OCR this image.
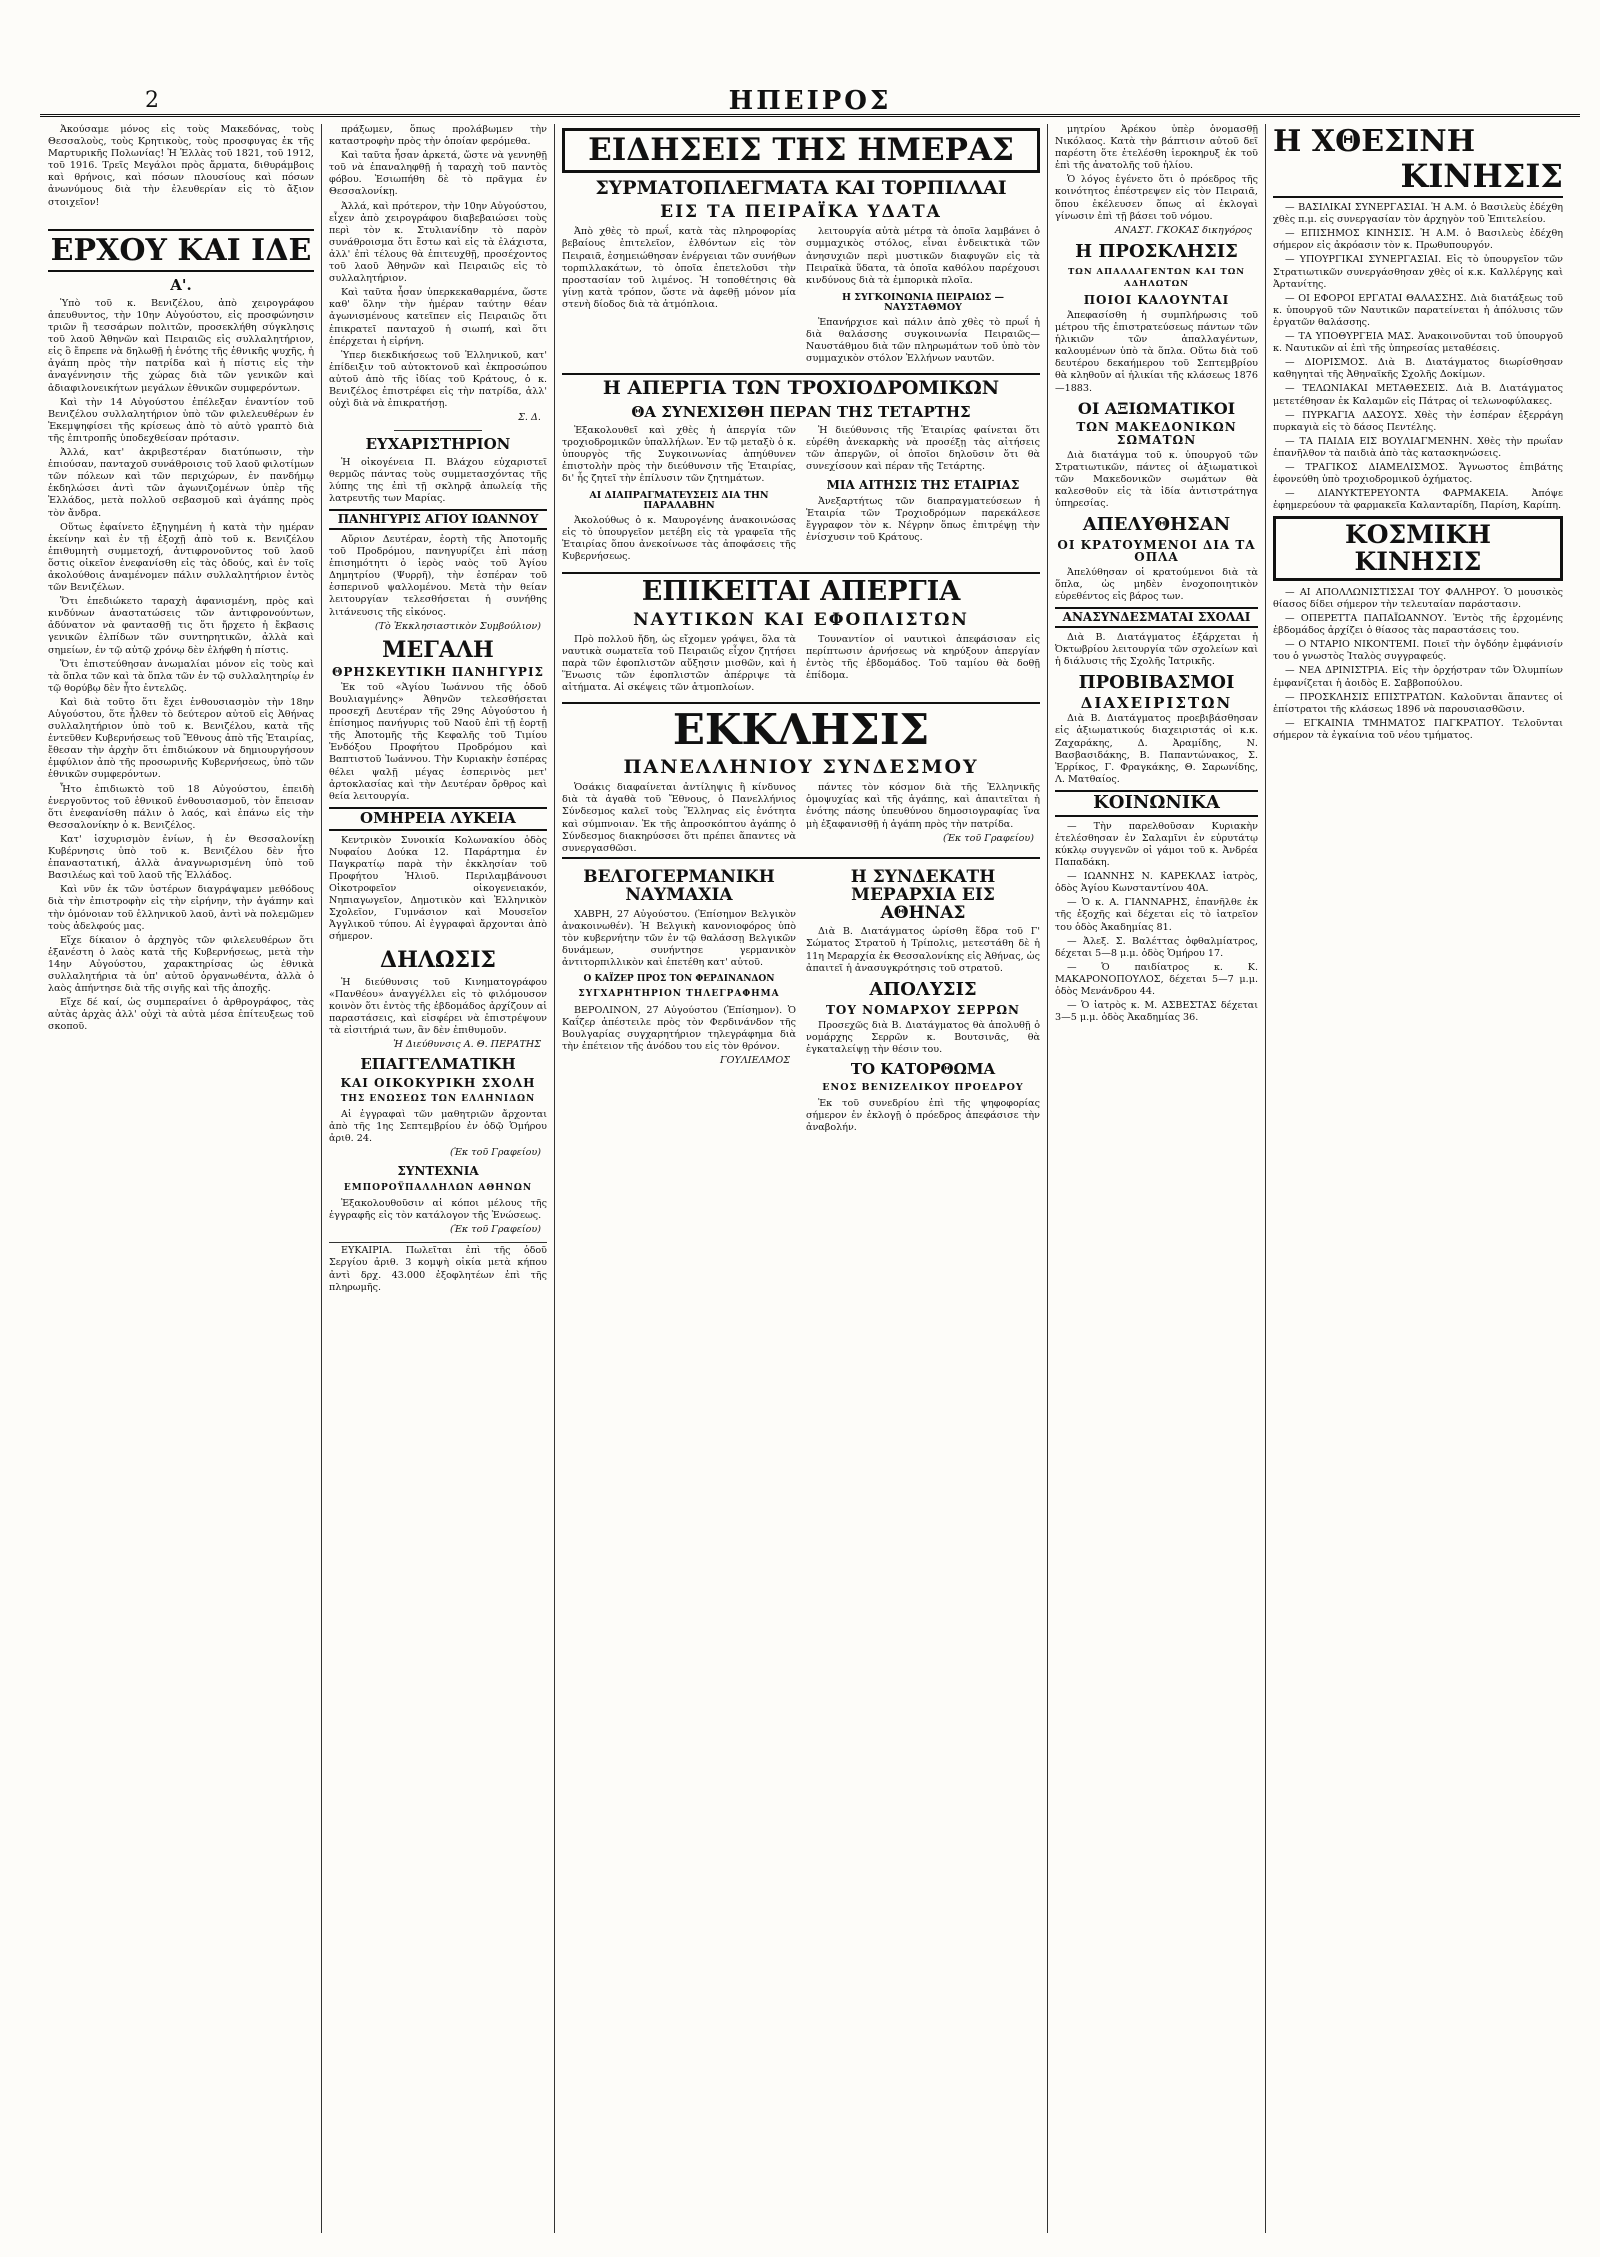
2	ΗΠΕΙΡΟΣ

Ἀκούσαμε μόνος εἰς τοὺς Μακεδόνας, τοὺς Θεσσαλοὺς, τοὺς Κρητικοὺς, τοὺς προσφυγας ἐκ τῆς Μαρτυρικῆς Πολωνίας! Ἡ Ἑλλὰς τοῦ 1821, τοῦ 1912, τοῦ 1916. Τρεῖς Μεγάλοι πρὸς ἄρματα, διθυράμβοις καὶ θρήνοις, καὶ πόσων πλουσίους καὶ πόσων ἀνωνύμους διὰ τὴν ἐλευθερίαν εἰς τὸ ἄξιον στοιχεῖον!

ΕΡΧΟΥ ΚΑΙ ΙΔΕ
Α'.

Ὑπὸ τοῦ κ. Βενιζέλου, ἀπὸ χειρογράφου ἀπευθυντος, τὴν 10ην Αὐγούστου, εἰς προσφώνησιν τριῶν ἢ τεσσάρων πολιτῶν, προσεκλήθη σύγκλησις τοῦ λαοῦ Ἀθηνῶν καὶ Πειραιῶς εἰς συλλαλητήριον, εἰς ὃ ἔπρεπε νὰ δηλωθῇ ἡ ἑνότης τῆς ἐθνικῆς ψυχῆς, ἡ ἀγάπη πρὸς τὴν πατρίδα καὶ ἡ πίστις εἰς τὴν ἀναγέννησιν τῆς χώρας διὰ τῶν γενικῶν καὶ ἀδιαφιλονεικήτων μεγάλων ἐθνικῶν συμφερόντων.

Καὶ τὴν 14 Αὐγούστου ἐπέλεξαν ἐναντίον τοῦ Βενιζέλου συλλαλητήριον ὑπὸ τῶν φιλελευθέρων ἐν Ἐκεμψηφίσει τῆς κρίσεως ἀπὸ τὸ αὐτὸ γραπτὸ διὰ τῆς ἐπιτροπῆς ὑποδεχθείσαν πρότασιν.

Ἀλλά, κατ' ἀκριβεστέραν διατύπωσιν, τὴν ἐπιούσαν, πανταχοῦ συνάθροισις τοῦ λαοῦ φιλοτίμων τῶν πόλεων καὶ τῶν περιχώρων, ἐν πανδήμῳ ἐκδηλώσει ἀντὶ τῶν ἀγωνιζομένων ὑπὲρ τῆς Ἑλλάδος, μετὰ πολλοῦ σεβασμοῦ καὶ ἀγάπης πρὸς τὸν ἄνδρα.

Οὕτως ἐφαίνετο ἐξηγημένη ἡ κατὰ τὴν ημέραν ἐκείνην καὶ ἐν τῇ ἐξοχῇ ἀπὸ τοῦ κ. Βενιζέλου ἐπιθυμητὴ συμμετοχή, ἀντιφρονοῦντος τοῦ λαοῦ ὅστις οἰκεῖον ἐνεφανίσθη εἰς τὰς ὁδούς, καὶ ἐν τοῖς ἀκολούθοις ἀναμένομεν πάλιν συλλαλητήριον ἐντὸς τῶν Βενιζέλων.

Ὅτι ἐπεδιώκετο ταραχὴ ἀφανισμένη, πρὸς καὶ κινδύνων ἀναστατώσεις τῶν ἀντιφρονούντων, ἀδύνατον νὰ φαντασθῇ τις ὅτι ἤρχετο ἡ ἔκβασις γενικῶν ἐλπίδων τῶν συντηρητικῶν, ἀλλὰ καὶ σημείων, ἐν τῷ αὐτῷ χρόνῳ δὲν ἐλήφθη ἡ πίστις.

Ὅτι ἐπιστεύθησαν ἀνωμαλίαι μόνον εἰς τοὺς καὶ τὰ ὅπλα τῶν καὶ τὰ ὅπλα τῶν ἐν τῷ συλλαλητηρίῳ ἐν τῷ θορύβῳ δὲν ἦτο ἐντελῶς.

Καὶ διὰ τοῦτο ὅτι ἔχει ἐνθουσιασμὸν τὴν 18ην Αὐγούστου, ὅτε ἦλθεν τὸ δεύτερον αὐτοῦ εἰς Ἀθήνας συλλαλητήριον ὑπὸ τοῦ κ. Βενιζέλου, κατὰ τῆς ἐντεῦθεν Κυβερνήσεως τοῦ Ἔθνους ἀπὸ τῆς Ἑταιρίας, ἔθεσαν τὴν ἀρχὴν ὅτι ἐπιδιώκουν νὰ δημιουργήσουν ἐμφύλιον ἀπὸ τῆς προσωρινῆς Κυβερνήσεως, ὑπὸ τῶν ἐθνικῶν συμφερόντων.

Ἦτο ἐπιδιωκτὸ τοῦ 18 Αὐγούστου, ἐπειδὴ ἐνεργοῦντος τοῦ ἐθνικοῦ ἐνθουσιασμοῦ, τὸν ἔπεισαν ὅτι ἐνεφανίσθη πάλιν ὁ λαός, καὶ ἐπάνω εἰς τὴν Θεσσαλονίκην ὁ κ. Βενιζέλος.

Κατ' ἰσχυρισμὸν ἐνίων, ἡ ἐν Θεσσαλονίκῃ Κυβέρνησις ὑπὸ τοῦ κ. Βενιζέλου δὲν ἦτο ἐπαναστατική, ἀλλὰ ἀναγνωρισμένη ὑπὸ τοῦ Βασιλέως καὶ τοῦ λαοῦ τῆς Ἑλλάδος.

Καὶ νῦν ἐκ τῶν ὑστέρων διαγράψαμεν μεθόδους διὰ τὴν ἐπιστροφὴν εἰς τὴν εἰρήνην, τὴν ἀγάπην καὶ τὴν ὁμόνοιαν τοῦ ἑλληνικοῦ λαοῦ, ἀντὶ νὰ πολεμῶμεν τοὺς ἀδελφούς μας.

Εἴχε δίκαιον ὁ ἀρχηγὸς τῶν φιλελευθέρων ὅτι ἐξανέστη ὁ λαὸς κατὰ τῆς Κυβερνήσεως, μετὰ τὴν 14ην Αὐγούστου, χαρακτηρίσας ὡς ἐθνικὰ συλλαλητήρια τὰ ὑπ' αὐτοῦ ὀργανωθέντα, ἀλλὰ ὁ λαὸς ἀπήντησε διὰ τῆς σιγῆς καὶ τῆς ἀποχῆς.

Εἴχε δέ καί, ὡς συμπεραίνει ὁ ἀρθρογράφος, τὰς αὐτὰς ἀρχὰς ἀλλ' οὐχὶ τὰ αὐτὰ μέσα ἐπίτευξεως τοῦ σκοποῦ.

πράξωμεν, ὅπως προλάβωμεν τὴν καταστροφὴν πρὸς τὴν ὁποίαν φερόμεθα.

Καὶ ταῦτα ἦσαν ἀρκετά, ὥστε νὰ γεννηθῇ τοῦ νὰ ἐπαναληφθῇ ἡ ταραχὴ τοῦ παντὸς φόβου. Ἐσιωπήθη δὲ τὸ πρᾶγμα ἐν Θεσσαλονίκῃ.

Ἀλλά, καὶ πρότερον, τὴν 10ην Αὐγούστου, εἶχεν ἀπὸ χειρογράφου διαβεβαιώσει τοὺς περὶ τὸν κ. Στυλιανίδην τὸ παρὸν συνάθροισμα ὅτι ἔστω καὶ εἰς τὰ ἐλάχιστα, ἀλλ' ἐπὶ τέλους θὰ ἐπιτευχθῇ, προσέχοντος τοῦ λαοῦ Ἀθηνῶν καὶ Πειραιῶς εἰς τὸ συλλαλητήριον.

Καὶ ταῦτα ἦσαν ὑπερκεκαθαρμένα, ὥστε καθ' ὅλην τὴν ἡμέραν ταύτην θέαν ἀγωνισμένους κατεῖπεν εἰς Πειραιῶς ὅτι ἐπικρατεῖ πανταχοῦ ἡ σιωπή, καὶ ὅτι ἐπέρχεται ἡ εἰρήνη.

Ὑπερ διεκδικήσεως τοῦ Ἑλληνικοῦ, κατ' ἐπίδειξιν τοῦ αὐτοκτονοῦ καὶ ἐκπροσώπου αὐτοῦ ἀπὸ τῆς ἰδίας τοῦ Κράτους, ὁ κ. Βενιζέλος ἐπιστρέφει εἰς τὴν πατρίδα, ἀλλ' οὐχὶ διὰ νὰ ἐπικρατήσῃ.

Σ. Δ.
ΕΥΧΑΡΙΣΤΗΡΙΟΝ

Ἡ οἰκογένεια Π. Βλάχου εὐχαριστεῖ θερμῶς πάντας τοὺς συμμετασχόντας τῆς λύπης της ἐπὶ τῇ σκληρᾷ ἀπωλείᾳ τῆς λατρευτῆς των Μαρίας.

ΠΑΝΗΓΥΡΙΣ ΑΓΙΟΥ ΙΩΑΝΝΟΥ

Αὔριον Δευτέραν, ἑορτὴ τῆς Ἀποτομῆς τοῦ Προδρόμου, πανηγυρίζει ἐπὶ πάσῃ ἐπισημότητι ὁ ἱερὸς ναὸς τοῦ Ἁγίου Δημητρίου (Ψυρρῆ), τὴν ἑσπέραν τοῦ ἑσπερινοῦ ψαλλομένου. Μετὰ τὴν θείαν λειτουργίαν τελεσθήσεται ἡ συνήθης λιτάνευσις τῆς εἰκόνος.

(Τὸ Ἐκκλησιαστικὸν Συμβούλιον)
ΜΕΓΑΛΗ
ΘΡΗΣΚΕΥΤΙΚΗ ΠΑΝΗΓΥΡΙΣ

Ἐκ τοῦ «Ἁγίου Ἰωάννου τῆς ὁδοῦ Βουλιαγμένης» Ἀθηνῶν τελεσθήσεται προσεχῆ Δευτέραν τῆς 29ης Αὐγούστου ἡ ἐπίσημος πανήγυρις τοῦ Ναοῦ ἐπὶ τῇ ἐορτῇ τῆς Ἀποτομῆς τῆς Κεφαλῆς τοῦ Τιμίου Ἐνδόξου Προφήτου Προδρόμου καὶ Βαπτιστοῦ Ἰωάννου. Τὴν Κυριακὴν ἑσπέρας θέλει ψαλῇ μέγας ἑσπερινὸς μετ' ἀρτοκλασίας καὶ τὴν Δευτέραν ὄρθρος καὶ θεία λειτουργία.

ΟΜΗΡΕΙΑ ΛΥΚΕΙΑ

Κεντρικὸν Συνοικία Κολωνακίου ὁδὸς Νυφαίου Δούκα 12. Παράρτημα ἐν Παγκρατίῳ παρὰ τὴν ἐκκλησίαν τοῦ Προφήτου Ἠλιοῦ. Περιλαμβάνουσι Οἰκοτροφεῖον οἰκογενειακόν, Νηπιαγωγεῖον, Δημοτικὸν καὶ Ἑλληνικὸν Σχολεῖον, Γυμνάσιον καὶ Μουσεῖον Ἀγγλικοῦ τύπου. Αἱ ἐγγραφαὶ ἄρχονται ἀπὸ σήμερον.

ΔΗΛΩΣΙΣ

Ἡ διεύθυνσις τοῦ Κινηματογράφου «Πανθέου» ἀναγγέλλει εἰς τὸ φιλόμουσον κοινὸν ὅτι ἐντὸς τῆς ἐβδομάδος ἀρχίζουν αἱ παραστάσεις, καὶ εἰσφέρει νὰ ἐπιστρέψουν τὰ εἰσιτήριά των, ἂν δὲν ἐπιθυμοῦν.

Ἡ Διεύθυνσις Α. Θ. ΠΕΡΑΤΗΣ
ΕΠΑΓΓΕΛΜΑΤΙΚΗ
ΚΑΙ ΟΙΚΟΚΥΡΙΚΗ ΣΧΟΛΗ
ΤΗΣ ΕΝΩΣΕΩΣ ΤΩΝ ΕΛΛΗΝΙΔΩΝ

Αἱ ἐγγραφαὶ τῶν μαθητριῶν ἄρχονται ἀπὸ τῆς 1ης Σεπτεμβρίου ἐν ὁδῷ Ὁμήρου ἀριθ. 24.

(Ἐκ τοῦ Γραφείου)
ΣΥΝΤΕΧΝΙΑ
ΕΜΠΟΡΟΫΠΑΛΛΗΛΩΝ ΑΘΗΝΩΝ

Ἐξακολουθοῦσιν αἱ κόποι μέλους τῆς ἐγγραφῆς εἰς τὸν κατάλογον τῆς Ἑνώσεως.

(Ἐκ τοῦ Γραφείου)

ΕΥΚΑΙΡΙΑ. Πωλεῖται ἐπὶ τῆς ὁδοῦ Σεργίου ἀριθ. 3 κομψὴ οἰκία μετὰ κήπου ἀντὶ δρχ. 43.000 ἐξοφλητέων ἐπὶ τῆς πληρωμῆς.

ΕΙΔΗΣΕΙΣ ΤΗΣ ΗΜΕΡΑΣ
ΣΥΡΜΑΤΟΠΛΕΓΜΑΤΑ ΚΑΙ ΤΟΡΠΙΛΛΑΙ
ΕΙΣ ΤΑ ΠΕΙΡΑΪΚΑ ΥΔΑΤΑ

Ἀπὸ χθὲς τὸ πρωΐ, κατὰ τὰς πληροφορίας βεβαίους ἐπιτελεῖον, ἐλθόντων εἰς τὸν Πειραιᾶ, ἐσημειώθησαν ἐνέργειαι τῶν συνήθων τορπιλλακάτων, τὸ ὁποῖα ἐπετελοῦσι τὴν προστασίαν τοῦ λιμένος. Ἡ τοποθέτησις θὰ γίνῃ κατὰ τρόπον, ὥστε νὰ ἀφεθῇ μόνον μία στενὴ δίοδος διὰ τὰ ἀτμόπλοια.

λειτουργία αὐτὰ μέτρα τὰ ὁποῖα λαμβάνει ὁ συμμαχικὸς στόλος, εἶναι ἐνδεικτικὰ τῶν ἀνησυχιῶν περὶ μυστικῶν διαφυγῶν εἰς τὰ Πειραϊκὰ ὕδατα, τὰ ὁποῖα καθόλου παρέχουσι κινδύνους διὰ τὰ ἐμπορικὰ πλοῖα.

Η ΣΥΓΚΟΙΝΩΝΙΑ ΠΕΙΡΑΙΩΣ — ΝΑΥΣΤΑΘΜΟΥ

Ἐπανήρχισε καὶ πάλιν ἀπὸ χθὲς τὸ πρωΐ ἡ διὰ θαλάσσης συγκοινωνία Πειραιῶς—Ναυστάθμου διὰ τῶν πληρωμάτων τοῦ ὑπὸ τὸν συμμαχικὸν στόλον Ἑλλήνων ναυτῶν.

Η ΑΠΕΡΓΙΑ ΤΩΝ ΤΡΟΧΙΟΔΡΟΜΙΚΩΝ
ΘΑ ΣΥΝΕΧΙΣΘΗ ΠΕΡΑΝ ΤΗΣ ΤΕΤΑΡΤΗΣ

Ἐξακολουθεῖ καὶ χθὲς ἡ ἀπεργία τῶν τροχιοδρομικῶν ὑπαλλήλων. Ἐν τῷ μεταξὺ ὁ κ. ὑπουργὸς τῆς Συγκοινωνίας ἀπηύθυνεν ἐπιστολὴν πρὸς τὴν διεύθυνσιν τῆς Ἑταιρίας, δι' ἧς ζητεῖ τὴν ἐπίλυσιν τῶν ζητημάτων.

ΑΙ ΔΙΑΠΡΑΓΜΑΤΕΥΣΕΙΣ ΔΙΑ ΤΗΝ ΠΑΡΑΛΑΒΗΝ

Ἀκολούθως ὁ κ. Μαυρογένης ἀνακοινώσας εἰς τὸ ὑπουργεῖον μετέβη εἰς τὰ γραφεῖα τῆς Ἑταιρίας ὅπου ἀνεκοίνωσε τὰς ἀποφάσεις τῆς Κυβερνήσεως.

Ἡ διεύθυνσις τῆς Ἑταιρίας φαίνεται ὅτι εὑρέθη ἀνεκαρκὴς νὰ προσέξῃ τὰς αἰτήσεις τῶν ἀπεργῶν, οἱ ὁποῖοι δηλοῦσιν ὅτι θὰ συνεχίσουν καὶ πέραν τῆς Τετάρτης.

ΜΙΑ ΑΙΤΗΣΙΣ ΤΗΣ ΕΤΑΙΡΙΑΣ

Ἀνεξαρτήτως τῶν διαπραγματεύσεων ἡ Ἑταιρία τῶν Τροχιοδρόμων παρεκάλεσε ἔγγραφον τὸν κ. Νέγρην ὅπως ἐπιτρέψῃ τὴν ἐνίσχυσιν τοῦ Κράτους.

ΕΠΙΚΕΙΤΑΙ ΑΠΕΡΓΙΑ
ΝΑΥΤΙΚΩΝ ΚΑΙ ΕΦΟΠΛΙΣΤΩΝ

Πρὸ πολλοῦ ἤδη, ὡς εἴχομεν γράψει, ὅλα τὰ ναυτικὰ σωματεῖα τοῦ Πειραιῶς εἶχον ζητήσει παρὰ τῶν ἐφοπλιστῶν αὔξησιν μισθῶν, καὶ ἡ Ἕνωσις τῶν ἐφοπλιστῶν ἀπέρριψε τὰ αἰτήματα. Αἱ σκέψεις τῶν ἀτμοπλοίων.

Τουναντίον οἱ ναυτικοὶ ἀπεφάσισαν εἰς περίπτωσιν ἀρνήσεως νὰ κηρύξουν ἀπεργίαν ἐντὸς τῆς ἑβδομάδος. Τοῦ ταμίου θὰ δοθῇ ἐπίδομα.

ΕΚΚΛΗΣΙΣ
ΠΑΝΕΛΛΗΝΙΟΥ ΣΥΝΔΕΣΜΟΥ

Ὁσάκις διαφαίνεται ἀντίληψις ἢ κίνδυνος διὰ τὰ ἀγαθὰ τοῦ Ἔθνους, ὁ Πανελλήνιος Σύνδεσμος καλεῖ τοὺς Ἕλληνας εἰς ἑνότητα καὶ σύμπνοιαν. Ἐκ τῆς ἀπροσκόπτου ἀγάπης ὁ Σύνδεσμος διακηρύσσει ὅτι πρέπει ἅπαντες νὰ συνεργασθῶσι.

πάντες τὸν κόσμον διὰ τῆς Ἑλληνικῆς ὁμοψυχίας καὶ τῆς ἀγάπης, καὶ ἀπαιτεῖται ἡ ἐνότης πάσης ὑπευθύνου δημοσιογραφίας ἵνα μὴ ἐξαφανισθῇ ἡ ἀγάπη πρὸς τὴν πατρίδα.

(Ἐκ τοῦ Γραφείου)
ΒΕΛΓΟΓΕΡΜΑΝΙΚΗ ΝΑΥΜΑΧΙΑ

ΧΑΒΡΗ, 27 Αὐγούστου. (Ἐπίσημον Βελγικὸν ἀνακοινωθέν). Ἡ Βελγικὴ κανονιοφόρος ὑπὸ τὸν κυβερνήτην τῶν ἐν τῷ θαλάσσῃ Βελγικῶν δυνάμεων, συνήντησε γερμανικὸν ἀντιτορπιλλικὸν καὶ ἐπετέθη κατ' αὐτοῦ.

Ο ΚΑΪΖΕΡ ΠΡΟΣ ΤΟΝ ΦΕΡΔΙΝΑΝΔΟΝ
ΣΥΓΧΑΡΗΤΗΡΙΟΝ ΤΗΛΕΓΡΑΦΗΜΑ

ΒΕΡΟΛΙΝΟΝ, 27 Αὐγούστου (Ἐπίσημον). Ὁ Καΐζερ ἀπέστειλε πρὸς τὸν Φερδινάνδον τῆς Βουλγαρίας συγχαρητήριον τηλεγράφημα διὰ τὴν ἐπέτειον τῆς ἀνόδου του εἰς τὸν θρόνον.

ΓΟΥΛΙΕΛΜΟΣ
Η ΣΥΝΔΕΚΑΤΗ ΜΕΡΑΡΧΙΑ ΕΙΣ ΑΘΗΝΑΣ

Διὰ Β. Διατάγματος ὡρίσθη ἕδρα τοῦ Γ' Σώματος Στρατοῦ ἡ Τρίπολις, μετεστάθη δὲ ἡ 11η Μεραρχία ἐκ Θεσσαλονίκης εἰς Ἀθήνας, ὡς ἀπαιτεῖ ἡ ἀνασυγκρότησις τοῦ στρατοῦ.

ΑΠΟΛΥΣΙΣ
ΤΟΥ ΝΟΜΑΡΧΟΥ ΣΕΡΡΩΝ

Προσεχῶς διὰ Β. Διατάγματος θὰ ἀπολυθῇ ὁ νομάρχης Σερρῶν κ. Βουτσινᾶς, θὰ ἐγκαταλείψῃ τὴν θέσιν του.

ΤΟ ΚΑΤΟΡΘΩΜΑ
ΕΝΟΣ ΒΕΝΙΖΕΛΙΚΟΥ ΠΡΟΕΔΡΟΥ

Ἐκ τοῦ συνεδρίου ἐπὶ τῆς ψηφοφορίας σήμερον ἐν ἐκλογῇ ὁ πρόεδρος ἀπεφάσισε τὴν ἀναβολήν.

μητρίου Ἀρέκου ὑπὲρ ὀνομασθῇ Νικόλαος. Κατὰ τὴν βάπτισιν αὐτοῦ δεῖ παρέστη ὅτε ἐτελέσθη ἱεροκηρυξ ἐκ τοῦ ἐπὶ τῆς ἀνατολῆς τοῦ ἡλίου.

Ὁ λόγος ἐγένετο ὅτι ὁ πρόεδρος τῆς κοινότητος ἐπέστρεψεν εἰς τὸν Πειραιᾶ, ὅπου ἐκέλευσεν ὅπως αἱ ἐκλογαὶ γίνωσιν ἐπὶ τῇ βάσει τοῦ νόμου.

ΑΝΑΣΤ. ΓΚΟΚΑΣ δικηγόρος
Η ΠΡΟΣΚΛΗΣΙΣ
ΤΩΝ ΑΠΑΛΛΑΓΕΝΤΩΝ ΚΑΙ ΤΩΝ ΑΔΗΛΩΤΩΝ
ΠΟΙΟΙ ΚΑΛΟΥΝΤΑΙ

Ἀπεφασίσθη ἡ συμπλήρωσις τοῦ μέτρου τῆς ἐπιστρατεύσεως πάντων τῶν ἡλικιῶν τῶν ἀπαλλαγέντων, καλουμένων ὑπὸ τὰ ὅπλα. Οὕτω διὰ τοῦ δευτέρου δεκαήμερου τοῦ Σεπτεμβρίου θὰ κληθοῦν αἱ ἡλικίαι τῆς κλάσεως 1876—1883.

ΟΙ ΑΞΙΩΜΑΤΙΚΟΙ
ΤΩΝ ΜΑΚΕΔΟΝΙΚΩΝ ΣΩΜΑΤΩΝ

Διὰ διατάγμα τοῦ κ. ὑπουργοῦ τῶν Στρατιωτικῶν, πάντες οἱ ἀξιωματικοὶ τῶν Μακεδονικῶν σωμάτων θὰ καλεσθοῦν εἰς τὰ ἰδία ἀντιστράτηγα ὑπηρεσίας.

ΑΠΕΛΥΘΗΣΑΝ
ΟΙ ΚΡΑΤΟΥΜΕΝΟΙ ΔΙΑ ΤΑ ΟΠΛΑ

Ἀπελύθησαν οἱ κρατούμενοι διὰ τὰ ὅπλα, ὡς μηδὲν ἐνοχοποιητικὸν εὑρεθέντος εἰς βάρος των.

ΑΝΑΣΥΝΔΕΣΜΑΤΑΙ ΣΧΟΛΑΙ

Διὰ Β. Διατάγματος ἐξάρχεται ἡ Ὀκτωβρίου λειτουργία τῶν σχολείων καὶ ἡ διάλυσις τῆς Σχολῆς Ἰατρικῆς.

ΠΡΟΒΙΒΑΣΜΟΙ
ΔΙΑΧΕΙΡΙΣΤΩΝ

Διὰ Β. Διατάγματος προεβιβάσθησαν εἰς ἀξιωματικούς διαχειριστάς οἱ κ.κ. Ζαχαράκης, Δ. Ἀραμίδης, Ν. Βασβασιδάκης, Β. Παπαντώνακος, Σ. Ἐρρίκος, Γ. Φραγκάκης, Θ. Σαρωνίδης, Λ. Ματθαίος.

ΚΟΙΝΩΝΙΚΑ

— Τὴν παρελθοῦσαν Κυριακὴν ἐτελέσθησαν ἐν Σαλαμῖνι ἐν εὐρυτάτῳ κύκλῳ συγγενῶν οἱ γάμοι τοῦ κ. Ἀνδρέα Παπαδάκη.

— ΙΩΑΝΝΗΣ Ν. ΚΑΡΕΚΛΑΣ ἰατρὸς, ὁδὸς Ἁγίου Κωνσταντίνου 40Α.

— Ὁ κ. Α. ΓΙΑΝΝΑΡΗΣ, ἐπανῆλθε ἐκ τῆς ἐξοχῆς καὶ δέχεται εἰς τὸ ἰατρεῖον του ὁδὸς Ἀκαδημίας 81.

— Ἀλεξ. Σ. Βαλέττας ὀφθαλμίατρος, δέχεται 5—8 μ.μ. ὁδὸς Ὁμήρου 17.

— Ὁ παιδίατρος κ. Κ. ΜΑΚΑΡΟΝΟΠΟΥΛΟΣ, δέχεται 5—7 μ.μ. ὁδὸς Μενάνδρου 44.

— Ὁ ἰατρὸς κ. Μ. ΑΣΒΕΣΤΑΣ δέχεται 3—5 μ.μ. ὁδὸς Ἀκαδημίας 36.

Η ΧΘΕΣΙΝΗ
ΚΙΝΗΣΙΣ

— ΒΑΣΙΛΙΚΑΙ ΣΥΝΕΡΓΑΣΙΑΙ. Ἡ Α.Μ. ὁ Βασιλεὺς ἐδέχθη χθὲς π.μ. εἰς συνεργασίαν τὸν ἀρχηγὸν τοῦ Ἐπιτελείου.

— ΕΠΙΣΗΜΟΣ ΚΙΝΗΣΙΣ. Ἡ Α.Μ. ὁ Βασιλεὺς ἐδέχθη σήμερον εἰς ἀκρόασιν τὸν κ. Πρωθυπουργόν.

— ΥΠΟΥΡΓΙΚΑΙ ΣΥΝΕΡΓΑΣΙΑΙ. Εἰς τὸ ὑπουργεῖον τῶν Στρατιωτικῶν συνεργάσθησαν χθὲς οἱ κ.κ. Καλλέργης καὶ Ἀρτανίτης.

— ΟΙ ΕΦΟΡΟΙ ΕΡΓΑΤΑΙ ΘΑΛΑΣΣΗΣ. Διὰ διατάξεως τοῦ κ. ὑπουργοῦ τῶν Ναυτικῶν παρατείνεται ἡ ἀπόλυσις τῶν ἐργατῶν θαλάσσης.

— ΤΑ ΥΠΟΘΥΡΓΕΙΑ ΜΑΣ. Ἀνακοινοῦνται τοῦ ὑπουργοῦ κ. Ναυτικῶν αἱ ἐπὶ τῆς ὑπηρεσίας μεταθέσεις.

— ΔΙΟΡΙΣΜΟΣ. Διὰ Β. Διατάγματος διωρίσθησαν καθηγηταὶ τῆς Ἀθηναϊκῆς Σχολῆς Δοκίμων.

— ΤΕΛΩΝΙΑΚΑΙ ΜΕΤΑΘΕΣΕΙΣ. Διὰ Β. Διατάγματος μετετέθησαν ἐκ Καλαμῶν εἰς Πάτρας οἱ τελωνοφύλακες.

— ΠΥΡΚΑΓΙΑ ΔΑΣΟΥΣ. Χθὲς τὴν ἑσπέραν ἐξερράγη πυρκαγιὰ εἰς τὸ δάσος Πεντέλης.

— ΤΑ ΠΑΙΔΙΑ ΕΙΣ ΒΟΥΛΙΑΓΜΕΝΗΝ. Χθὲς τὴν πρωΐαν ἐπανῆλθον τὰ παιδιὰ ἀπὸ τὰς κατασκηνώσεις.

— ΤΡΑΓΙΚΟΣ ΔΙΑΜΕΛΙΣΜΟΣ. Ἄγνωστος ἐπιβάτης ἐφονεύθη ὑπὸ τροχιοδρομικοῦ ὀχήματος.

— ΔΙΑΝΥΚΤΕΡΕΥΟΝΤΑ ΦΑΡΜΑΚΕΙΑ. Ἀπόψε ἐφημερεύουν τὰ φαρμακεῖα Καλανταρίδη, Παρίση, Καρίπη.

ΚΟΣΜΙΚΗ ΚΙΝΗΣΙΣ

— ΑΙ ΑΠΟΛΛΩΝΙΣΤΙΣΣΑΙ ΤΟΥ ΦΑΛΗΡΟΥ. Ὁ μουσικὸς θίασος δίδει σήμερον τὴν τελευταίαν παράστασιν.

— ΟΠΕΡΕΤΤΑ ΠΑΠΑΪΩΑΝΝΟΥ. Ἐντὸς τῆς ἐρχομένης ἑβδομάδος ἀρχίζει ὁ θίασος τὰς παραστάσεις του.

— Ο ΝΤΑΡΙΟ ΝΙΚΟΝΤΕΜΙ. Ποιεῖ τὴν ὀγδόην ἐμφάνισίν του ὁ γνωστὸς Ἰταλὸς συγγραφεύς.

— ΝΕΑ ΔΡΙΝΙΣΤΡΙΑ. Εἰς τὴν ὀρχήστραν τῶν Ὀλυμπίων ἐμφανίζεται ἡ ἀοιδὸς Ε. Σαββοπούλου.

— ΠΡΟΣΚΛΗΣΙΣ ΕΠΙΣΤΡΑΤΩΝ. Καλοῦνται ἅπαντες οἱ ἐπίστρατοι τῆς κλάσεως 1896 νὰ παρουσιασθῶσιν.

— ΕΓΚΑΙΝΙΑ ΤΜΗΜΑΤΟΣ ΠΑΓΚΡΑΤΙΟΥ. Τελοῦνται σήμερον τὰ ἐγκαίνια τοῦ νέου τμήματος.
